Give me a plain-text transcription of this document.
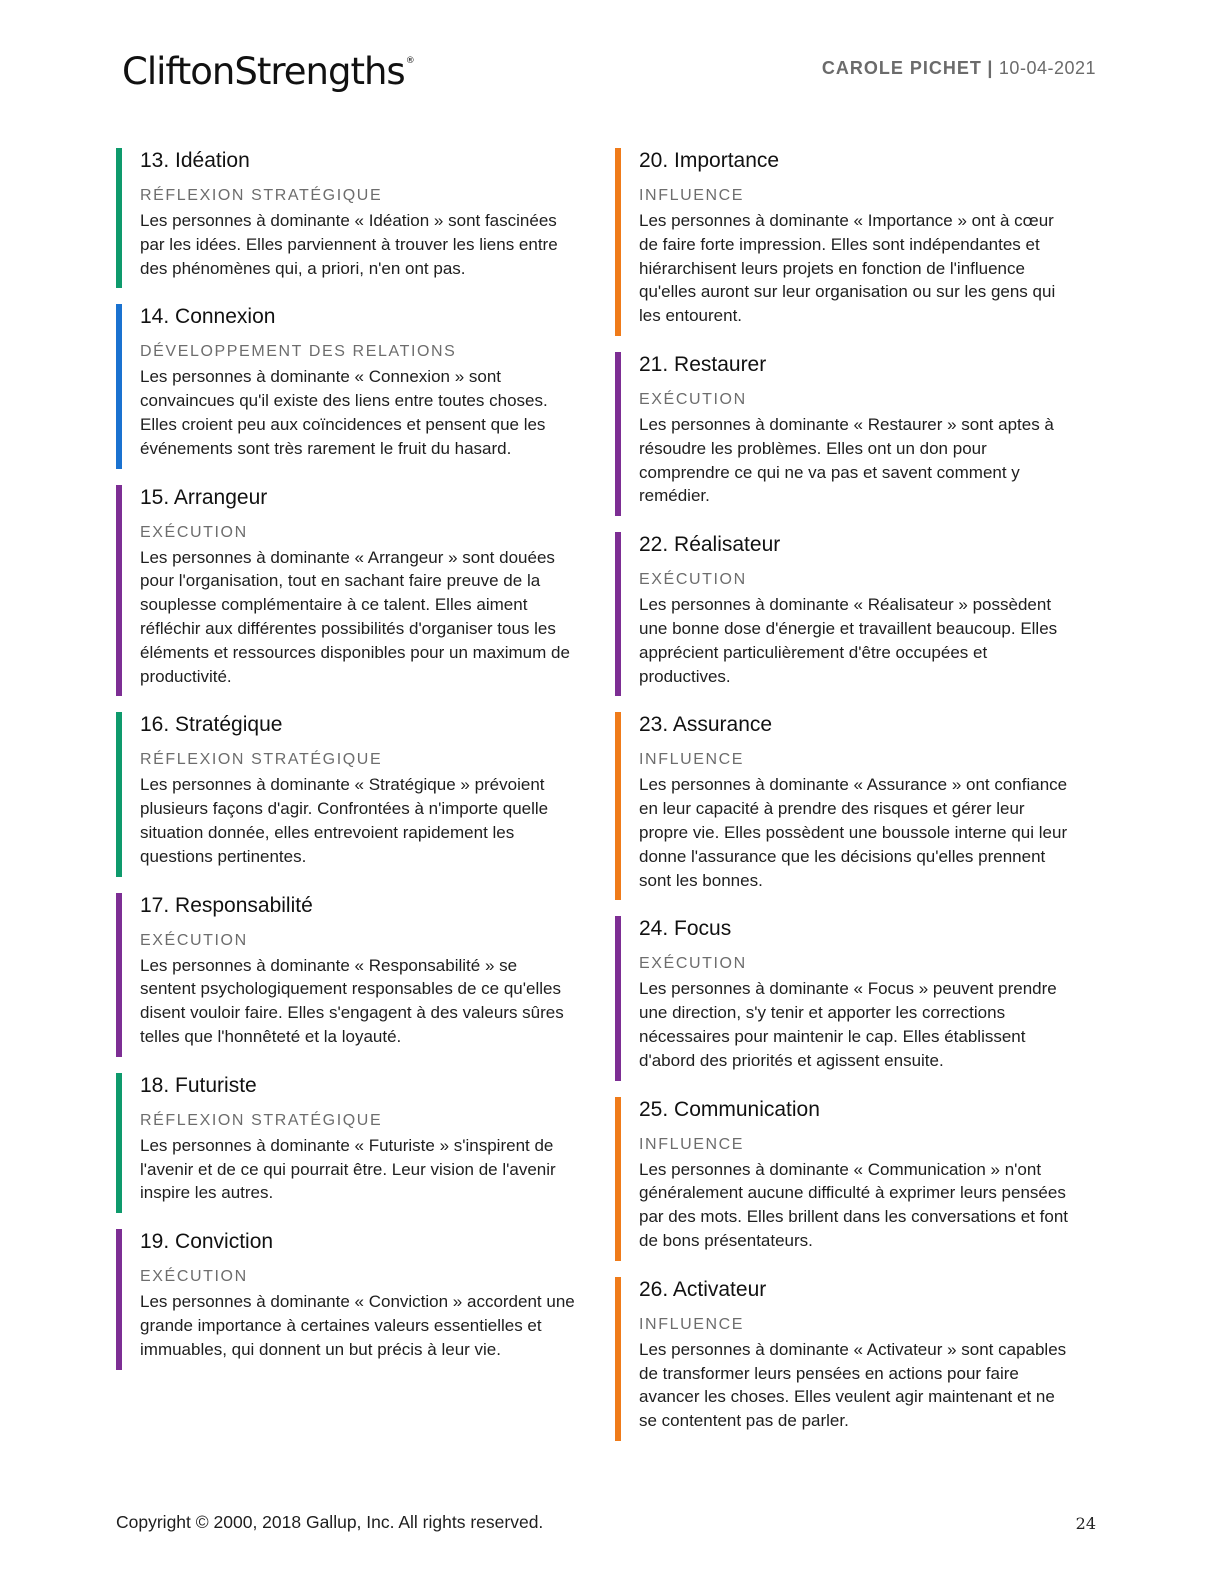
CliftonStrengths®	CAROLE PICHET | 10-04-2021
13. Idéation
RÉFLEXION STRATÉGIQUE
Les personnes à dominante « Idéation » sont fascinées par les idées. Elles parviennent à trouver les liens entre des phénomènes qui, a priori, n'en ont pas.
14. Connexion
DÉVELOPPEMENT DES RELATIONS
Les personnes à dominante « Connexion » sont convaincues qu'il existe des liens entre toutes choses. Elles croient peu aux coïncidences et pensent que les événements sont très rarement le fruit du hasard.
15. Arrangeur
EXÉCUTION
Les personnes à dominante « Arrangeur » sont douées pour l'organisation, tout en sachant faire preuve de la souplesse complémentaire à ce talent. Elles aiment réfléchir aux différentes possibilités d'organiser tous les éléments et ressources disponibles pour un maximum de productivité.
16. Stratégique
RÉFLEXION STRATÉGIQUE
Les personnes à dominante « Stratégique » prévoient plusieurs façons d'agir. Confrontées à n'importe quelle situation donnée, elles entrevoient rapidement les questions pertinentes.
17. Responsabilité
EXÉCUTION
Les personnes à dominante « Responsabilité » se sentent psychologiquement responsables de ce qu'elles disent vouloir faire. Elles s'engagent à des valeurs sûres telles que l'honnêteté et la loyauté.
18. Futuriste
RÉFLEXION STRATÉGIQUE
Les personnes à dominante « Futuriste » s'inspirent de l'avenir et de ce qui pourrait être. Leur vision de l'avenir inspire les autres.
19. Conviction
EXÉCUTION
Les personnes à dominante « Conviction » accordent une grande importance à certaines valeurs essentielles et immuables, qui donnent un but précis à leur vie.
20. Importance
INFLUENCE
Les personnes à dominante « Importance » ont à cœur de faire forte impression. Elles sont indépendantes et hiérarchisent leurs projets en fonction de l'influence qu'elles auront sur leur organisation ou sur les gens qui les entourent.
21. Restaurer
EXÉCUTION
Les personnes à dominante « Restaurer » sont aptes à résoudre les problèmes. Elles ont un don pour comprendre ce qui ne va pas et savent comment y remédier.
22. Réalisateur
EXÉCUTION
Les personnes à dominante « Réalisateur » possèdent une bonne dose d'énergie et travaillent beaucoup. Elles apprécient particulièrement d'être occupées et productives.
23. Assurance
INFLUENCE
Les personnes à dominante « Assurance » ont confiance en leur capacité à prendre des risques et gérer leur propre vie. Elles possèdent une boussole interne qui leur donne l'assurance que les décisions qu'elles prennent sont les bonnes.
24. Focus
EXÉCUTION
Les personnes à dominante « Focus » peuvent prendre une direction, s'y tenir et apporter les corrections nécessaires pour maintenir le cap. Elles établissent d'abord des priorités et agissent ensuite.
25. Communication
INFLUENCE
Les personnes à dominante « Communication » n'ont généralement aucune difficulté à exprimer leurs pensées par des mots. Elles brillent dans les conversations et font de bons présentateurs.
26. Activateur
INFLUENCE
Les personnes à dominante « Activateur » sont capables de transformer leurs pensées en actions pour faire avancer les choses. Elles veulent agir maintenant et ne se contentent pas de parler.
Copyright © 2000, 2018 Gallup, Inc. All rights reserved.	24
